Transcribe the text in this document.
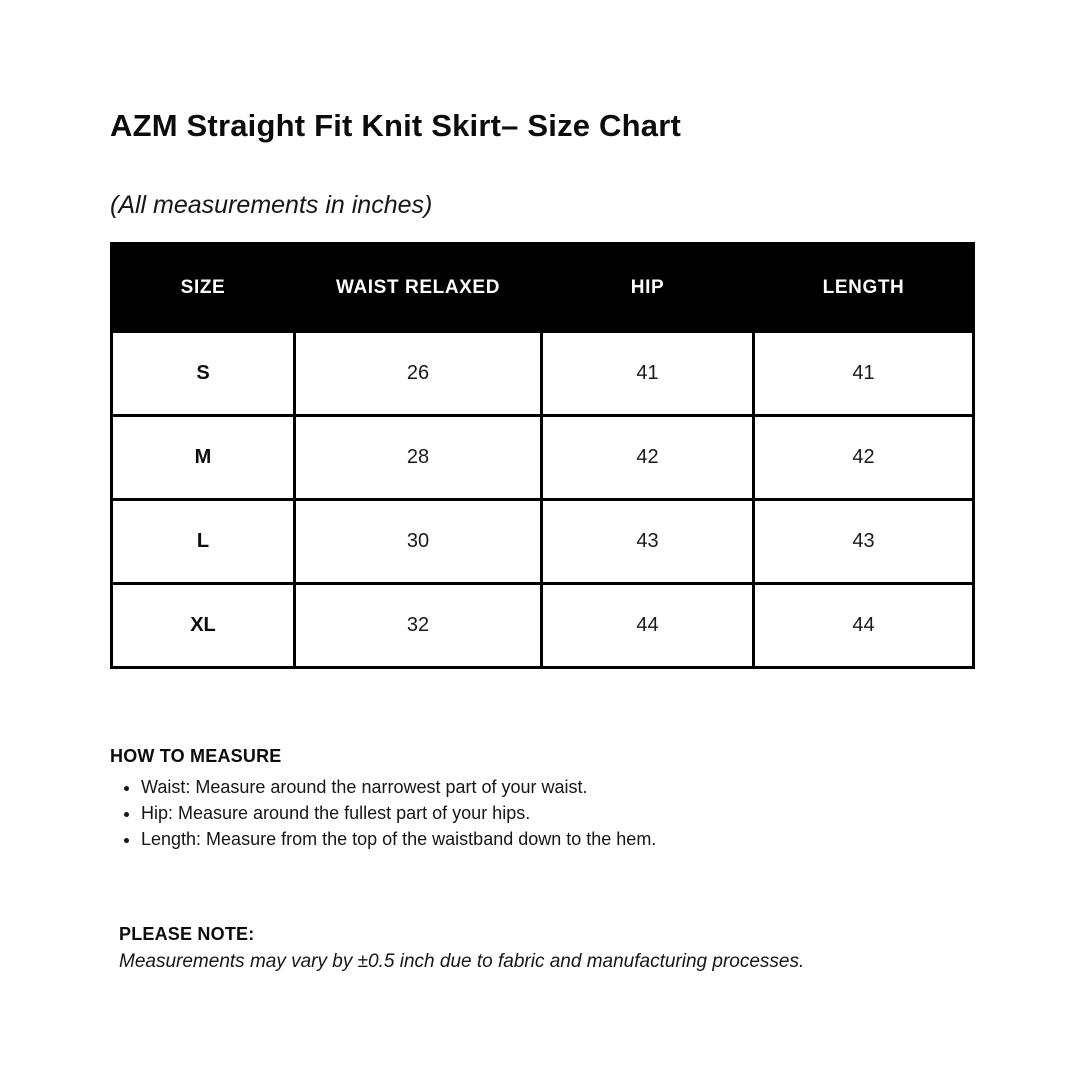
AZM Straight Fit Knit Skirt– Size Chart

(All measurements in inches)

SIZE	WAIST RELAXED	HIP	LENGTH
S	26	41	41
M	28	42	42
L	30	43	43
XL	32	44	44
HOW TO MEASURE
• Waist: Measure around the narrowest part of your waist.
• Hip: Measure around the fullest part of your hips.
• Length: Measure from the top of the waistband down to the hem.
PLEASE NOTE:

Measurements may vary by ±0.5 inch due to fabric and manufacturing processes.
